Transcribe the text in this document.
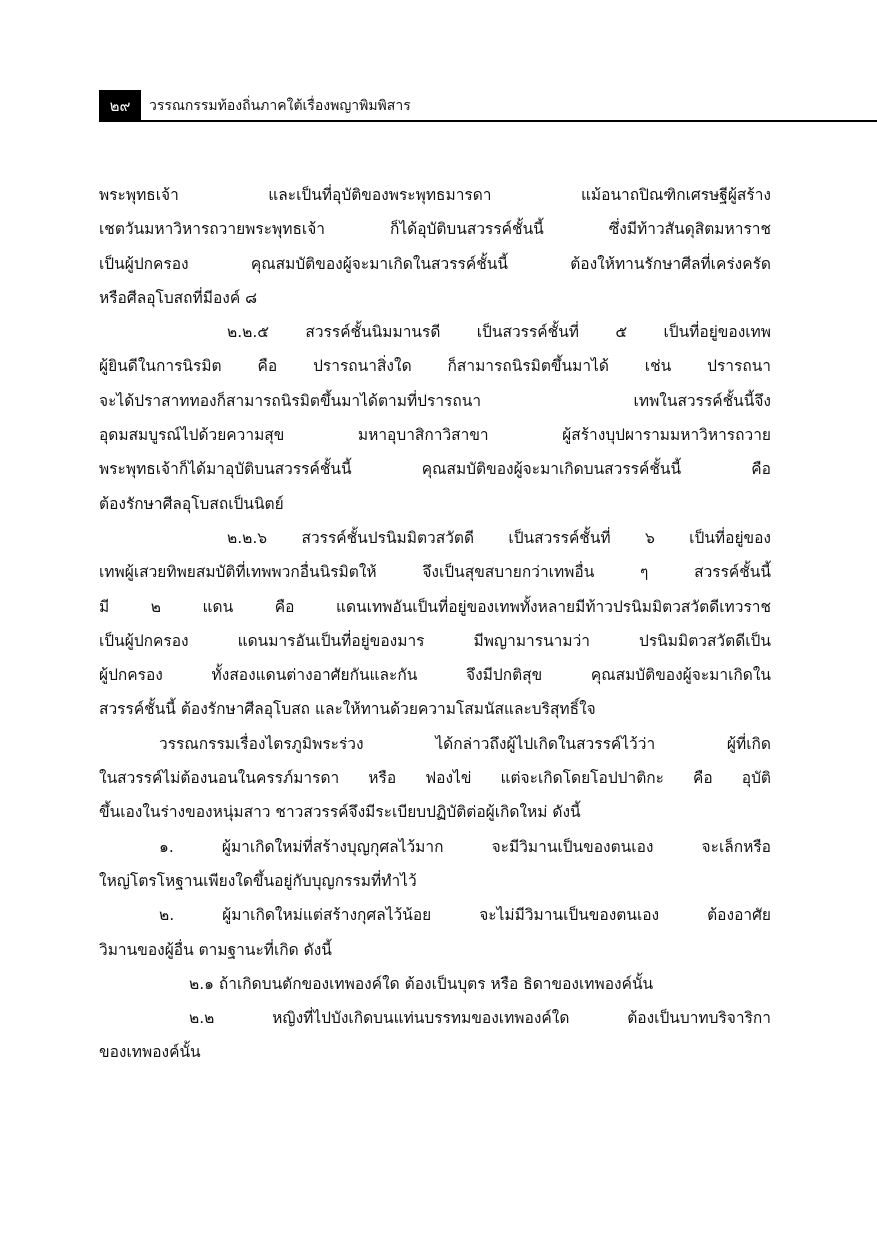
๒๙	วรรณกรรมท้องถิ่นภาคใต้เรื่องพญาพิมพิสาร
พระพุทธเจ้า และเป็นที่อุบัติของพระพุทธมารดา แม้อนาถปิณฑิกเศรษฐีผู้สร้าง
เชตวันมหาวิหารถวายพระพุทธเจ้า ก็ได้อุบัติบนสวรรค์ชั้นนี้ ซึ่งมีท้าวสันดุสิตมหาราช
เป็นผู้ปกครอง คุณสมบัติของผู้จะมาเกิดในสวรรค์ชั้นนี้ ต้องให้ทานรักษาศีลที่เคร่งครัด
หรือศีลอุโบสถที่มีองค์ ๘
๒.๒.๕ สวรรค์ชั้นนิมมานรดี เป็นสวรรค์ชั้นที่ ๕ เป็นที่อยู่ของเทพ
ผู้ยินดีในการนิรมิต คือ ปรารถนาสิ่งใด ก็สามารถนิรมิตขึ้นมาได้ เช่น ปรารถนา
จะได้ปราสาททองก็สามารถนิรมิตขึ้นมาได้ตามที่ปรารถนา เทพในสวรรค์ชั้นนี้จึง
อุดมสมบูรณ์ไปด้วยความสุข มหาอุบาสิกาวิสาขา ผู้สร้างบุปผารามมหาวิหารถวาย
พระพุทธเจ้าก็ได้มาอุบัติบนสวรรค์ชั้นนี้ คุณสมบัติของผู้จะมาเกิดบนสวรรค์ชั้นนี้ คือ
ต้องรักษาศีลอุโบสถเป็นนิตย์
๒.๒.๖ สวรรค์ชั้นปรนิมมิตวสวัตดี เป็นสวรรค์ชั้นที่ ๖ เป็นที่อยู่ของ
เทพผู้เสวยทิพยสมบัติที่เทพพวกอื่นนิรมิตให้ จึงเป็นสุขสบายกว่าเทพอื่น ๆ สวรรค์ชั้นนี้
มี ๒ แดน คือ แดนเทพอันเป็นที่อยู่ของเทพทั้งหลายมีท้าวปรนิมมิตวสวัตดีเทวราช
เป็นผู้ปกครอง แดนมารอันเป็นที่อยู่ของมาร มีพญามารนามว่า ปรนิมมิตวสวัตดีเป็น
ผู้ปกครอง ทั้งสองแดนต่างอาศัยกันและกัน จึงมีปกติสุข คุณสมบัติของผู้จะมาเกิดใน
สวรรค์ชั้นนี้ ต้องรักษาศีลอุโบสถ และให้ทานด้วยความโสมนัสและบริสุทธิ์ใจ
วรรณกรรมเรื่องไตรภูมิพระร่วง ได้กล่าวถึงผู้ไปเกิดในสวรรค์ไว้ว่า ผู้ที่เกิด
ในสวรรค์ไม่ต้องนอนในครรภ์มารดา หรือ ฟองไข่ แต่จะเกิดโดยโอปปาติกะ คือ อุบัติ
ขึ้นเองในร่างของหนุ่มสาว ชาวสวรรค์จึงมีระเบียบปฏิบัติต่อผู้เกิดใหม่ ดังนี้
๑. ผู้มาเกิดใหม่ที่สร้างบุญกุศลไว้มาก จะมีวิมานเป็นของตนเอง จะเล็กหรือ
ใหญ่โตรโหฐานเพียงใดขึ้นอยู่กับบุญกรรมที่ทำไว้
๒. ผู้มาเกิดใหม่แต่สร้างกุศลไว้น้อย จะไม่มีวิมานเป็นของตนเอง ต้องอาศัย
วิมานของผู้อื่น ตามฐานะที่เกิด ดังนี้
๒.๑ ถ้าเกิดบนตักของเทพองค์ใด ต้องเป็นบุตร หรือ ธิดาของเทพองค์นั้น
๒.๒ หญิงที่ไปบังเกิดบนแท่นบรรทมของเทพองค์ใด ต้องเป็นบาทบริจาริกา
ของเทพองค์นั้น
